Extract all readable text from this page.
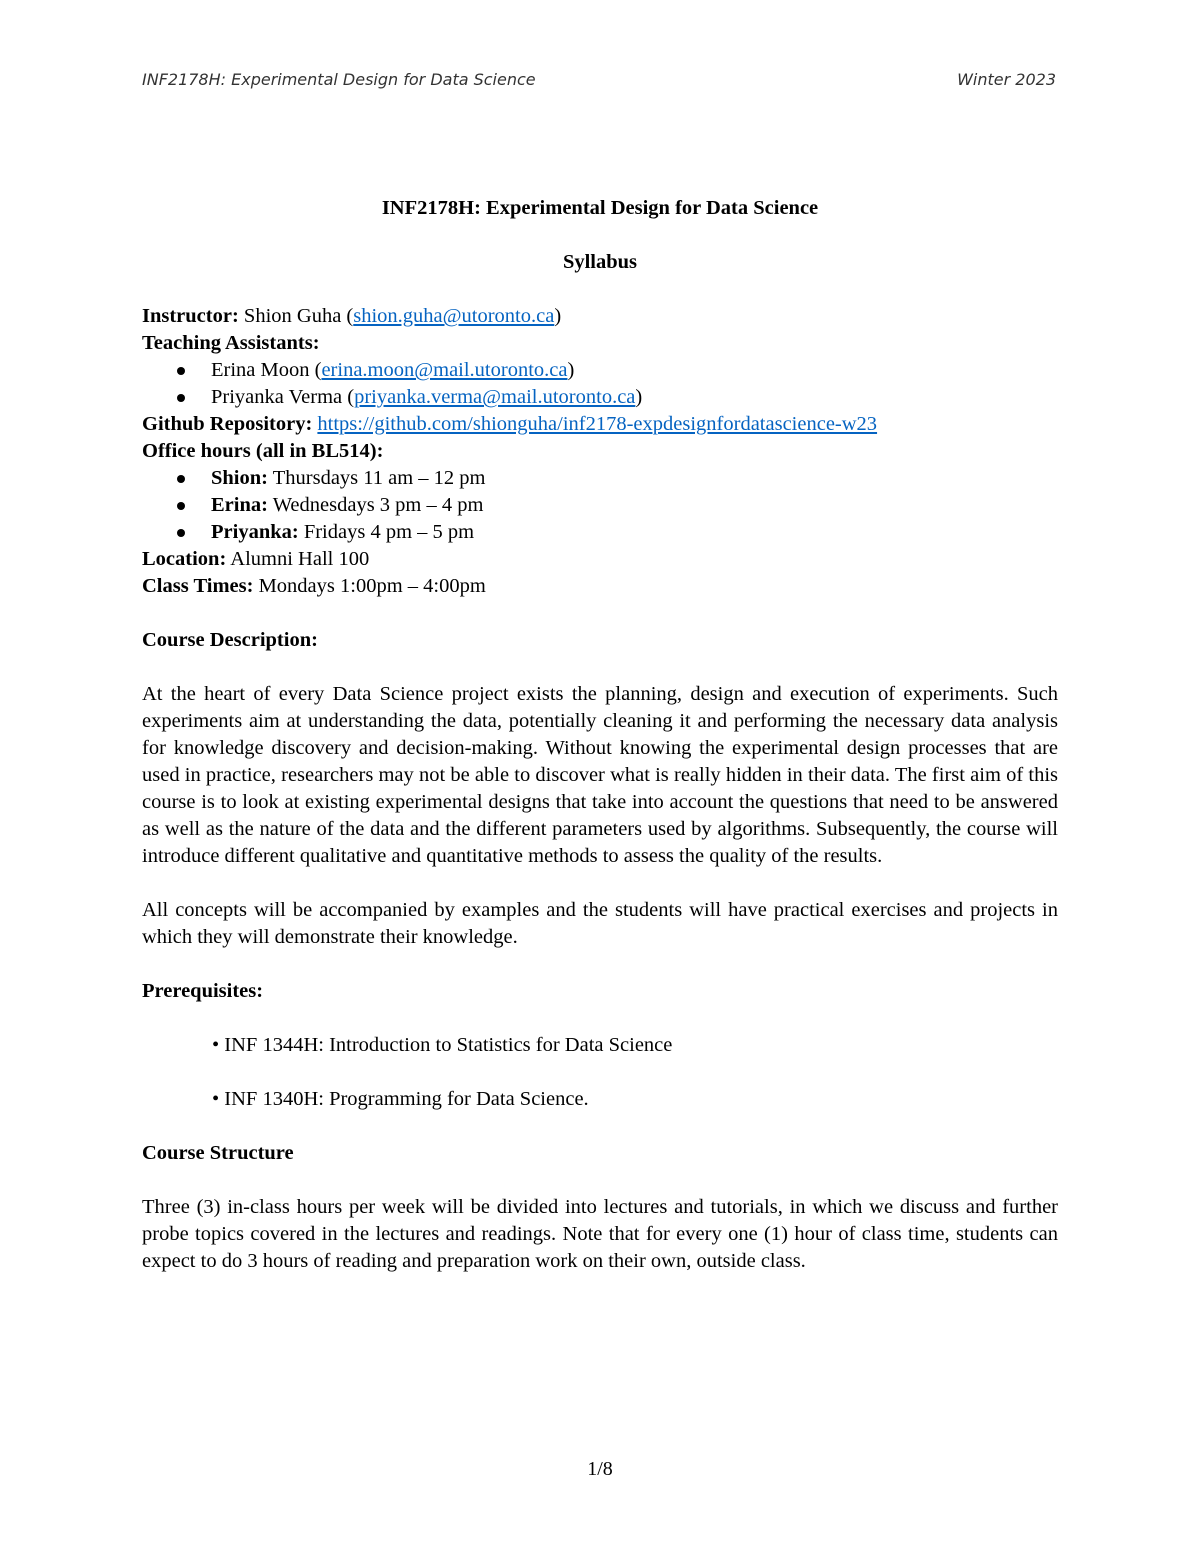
INF2178H: Experimental Design for Data Science	Winter 2023

INF2178H: Experimental Design for Data Science

Syllabus

Instructor: Shion Guha (shion.guha@utoronto.ca)

Teaching Assistants:

Erina Moon (erina.moon@mail.utoronto.ca)
Priyanka Verma (priyanka.verma@mail.utoronto.ca)

Github Repository: https://github.com/shionguha/inf2178-expdesignfordatascience-w23

Office hours (all in BL514):

Shion: Thursdays 11 am – 12 pm
Erina: Wednesdays 3 pm – 4 pm
Priyanka: Fridays 4 pm – 5 pm

Location: Alumni Hall 100

Class Times: Mondays 1:00pm – 4:00pm

Course Description:

At the heart of every Data Science project exists the planning, design and execution of experiments. Such experiments aim at understanding the data, potentially cleaning it and performing the necessary data analysis for knowledge discovery and decision-making. Without knowing the experimental design processes that are used in practice, researchers may not be able to discover what is really hidden in their data. The first aim of this course is to look at existing experimental designs that take into account the questions that need to be answered as well as the nature of the data and the different parameters used by algorithms. Subsequently, the course will introduce different qualitative and quantitative methods to assess the quality of the results.

All concepts will be accompanied by examples and the students will have practical exercises and projects in which they will demonstrate their knowledge.

Prerequisites:

• INF 1344H: Introduction to Statistics for Data Science

• INF 1340H: Programming for Data Science.

Course Structure

Three (3) in-class hours per week will be divided into lectures and tutorials, in which we discuss and further probe topics covered in the lectures and readings. Note that for every one (1) hour of class time, students can expect to do 3 hours of reading and preparation work on their own, outside class.

1/8
